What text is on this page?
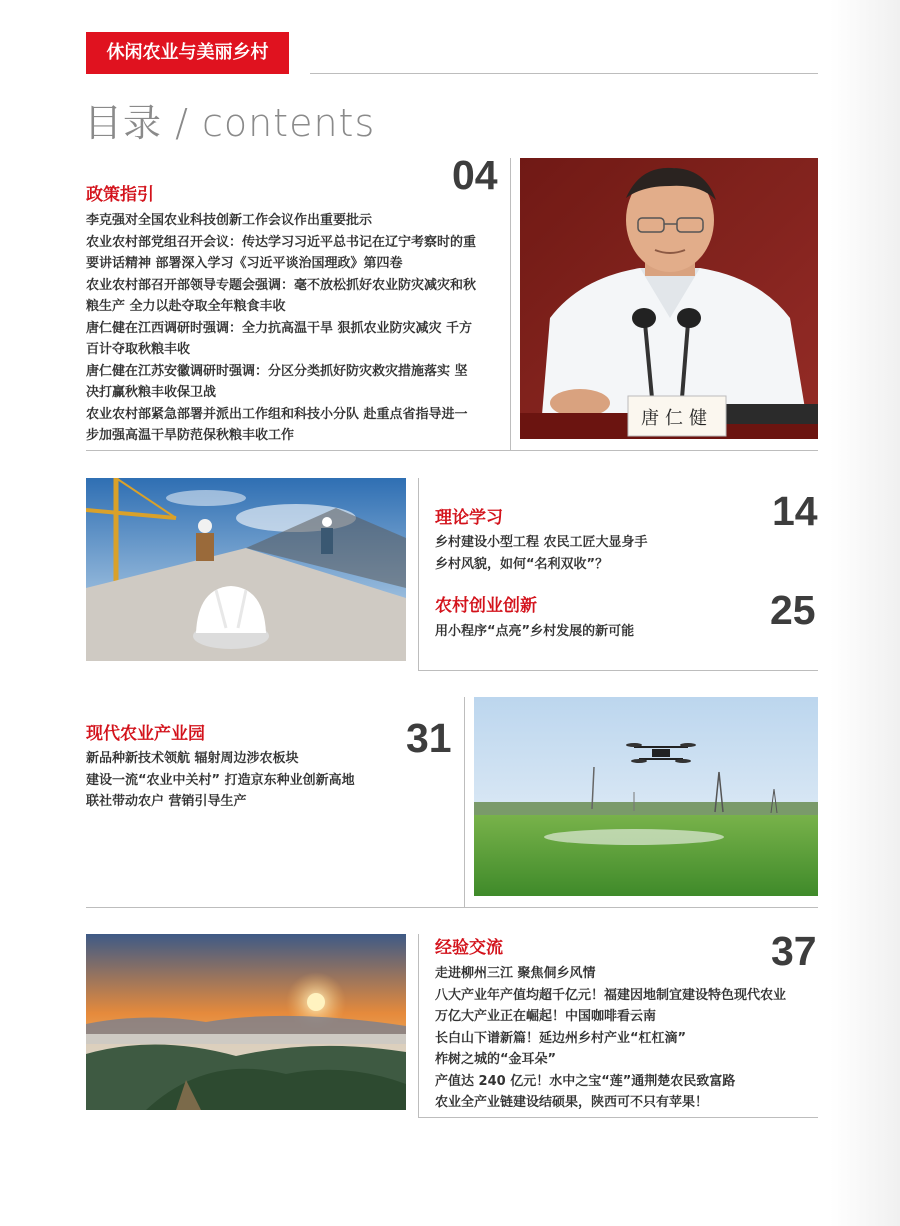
休闲农业与美丽乡村
目录 / contents
政策指引	04
李克强对全国农业科技创新工作会议作出重要批示
农业农村部党组召开会议：传达学习习近平总书记在辽宁考察时的重
要讲话精神 部署深入学习《习近平谈治国理政》第四卷
农业农村部召开部领导专题会强调：毫不放松抓好农业防灾减灾和秋
粮生产 全力以赴夺取全年粮食丰收
唐仁健在江西调研时强调：全力抗高温干旱 狠抓农业防灾减灾 千方
百计夺取秋粮丰收
唐仁健在江苏安徽调研时强调：分区分类抓好防灾救灾措施落实 坚
决打赢秋粮丰收保卫战
农业农村部紧急部署并派出工作组和科技小分队 赴重点省指导进一
步加强高温干旱防范保秋粮丰收工作
唐仁健
理论学习	14
乡村建设小型工程 农民工匠大显身手
乡村风貌，如何“名利双收”？
农村创业创新	25
用小程序“点亮”乡村发展的新可能
现代农业产业园	31
新品种新技术领航 辐射周边涉农板块
建设一流“农业中关村” 打造京东种业创新高地
联社带动农户 营销引导生产
经验交流	37
走进柳州三江 聚焦侗乡风情
八大产业年产值均超千亿元！福建因地制宜建设特色现代农业
万亿大产业正在崛起！中国咖啡看云南
长白山下谱新篇！延边州乡村产业“杠杠滴”
柞树之城的“金耳朵”
产值达 240 亿元！水中之宝“莲”通荆楚农民致富路
农业全产业链建设结硕果，陕西可不只有苹果！
